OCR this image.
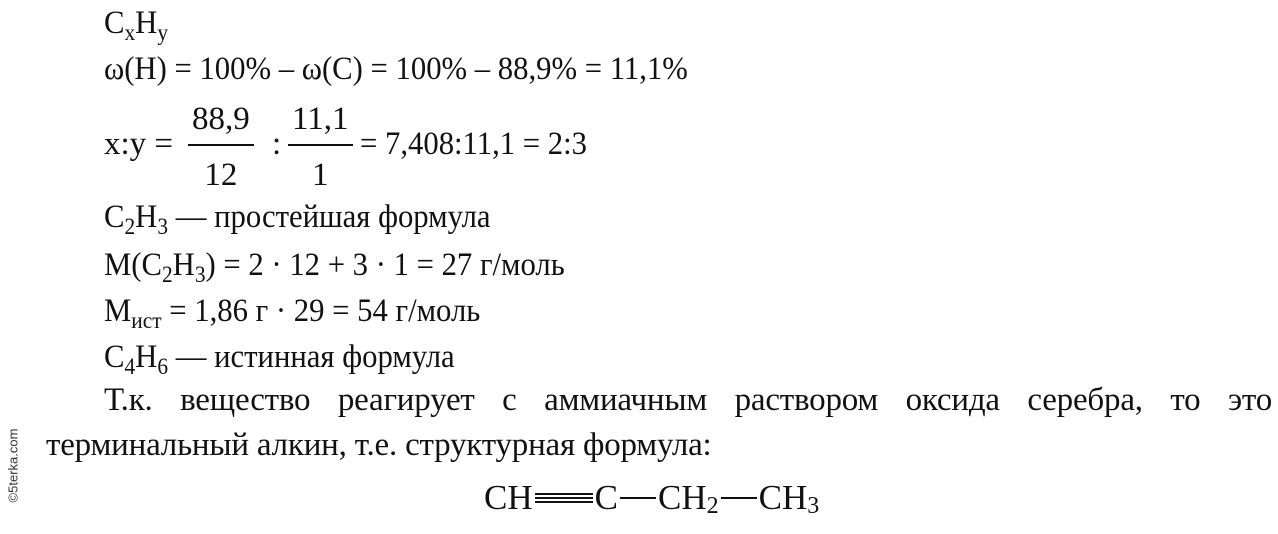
©5terka.com
$C_xH_y$
ω(H) = 100% – ω(C) = 100% – 88,9% = 11,1%
x:y =
88,9
12
:
11,1
1
= 7,408:11,1 = 2:3
$C_2H_3$ — простейшая формула
$M(C_2H_3) = 2 \cdot 12 + 3 \cdot 1 = 27$ г/моль
$M_{ист} = 1,86$ г · 29 = 54 г/моль
$C_4H_6$ — истинная формула
Т.к. вещество реагирует с аммиачным раствором оксида серебра, то это терминальный алкин, т.е. структурная формула:
CH C CH 2 CH 3
